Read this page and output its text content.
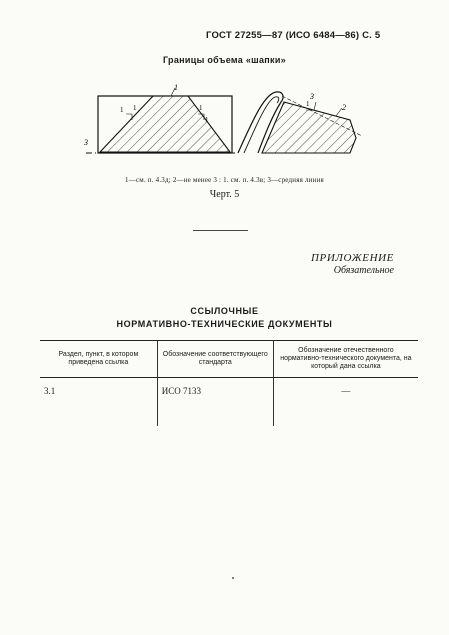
ГОСТ 27255—87 (ИСО 6484—86) С. 5
Границы объема «шапки»
1
1 1	1
1
3
3
1	2
1—см. п. 4.3д; 2—не менее 3 : 1. см. п. 4.3в; 3—средняя линия
Черт. 5
ПРИЛОЖЕНИЕ
Обязательное
ССЫЛОЧНЫЕ
НОРМАТИВНО-ТЕХНИЧЕСКИЕ ДОКУМЕНТЫ
Раздел, пункт, в котором приведена ссылка	Обозначение соответствующего стандарта	Обозначение отечественного нормативно-технического документа, на который дана ссылка
3.1	ИСО 7133	—
